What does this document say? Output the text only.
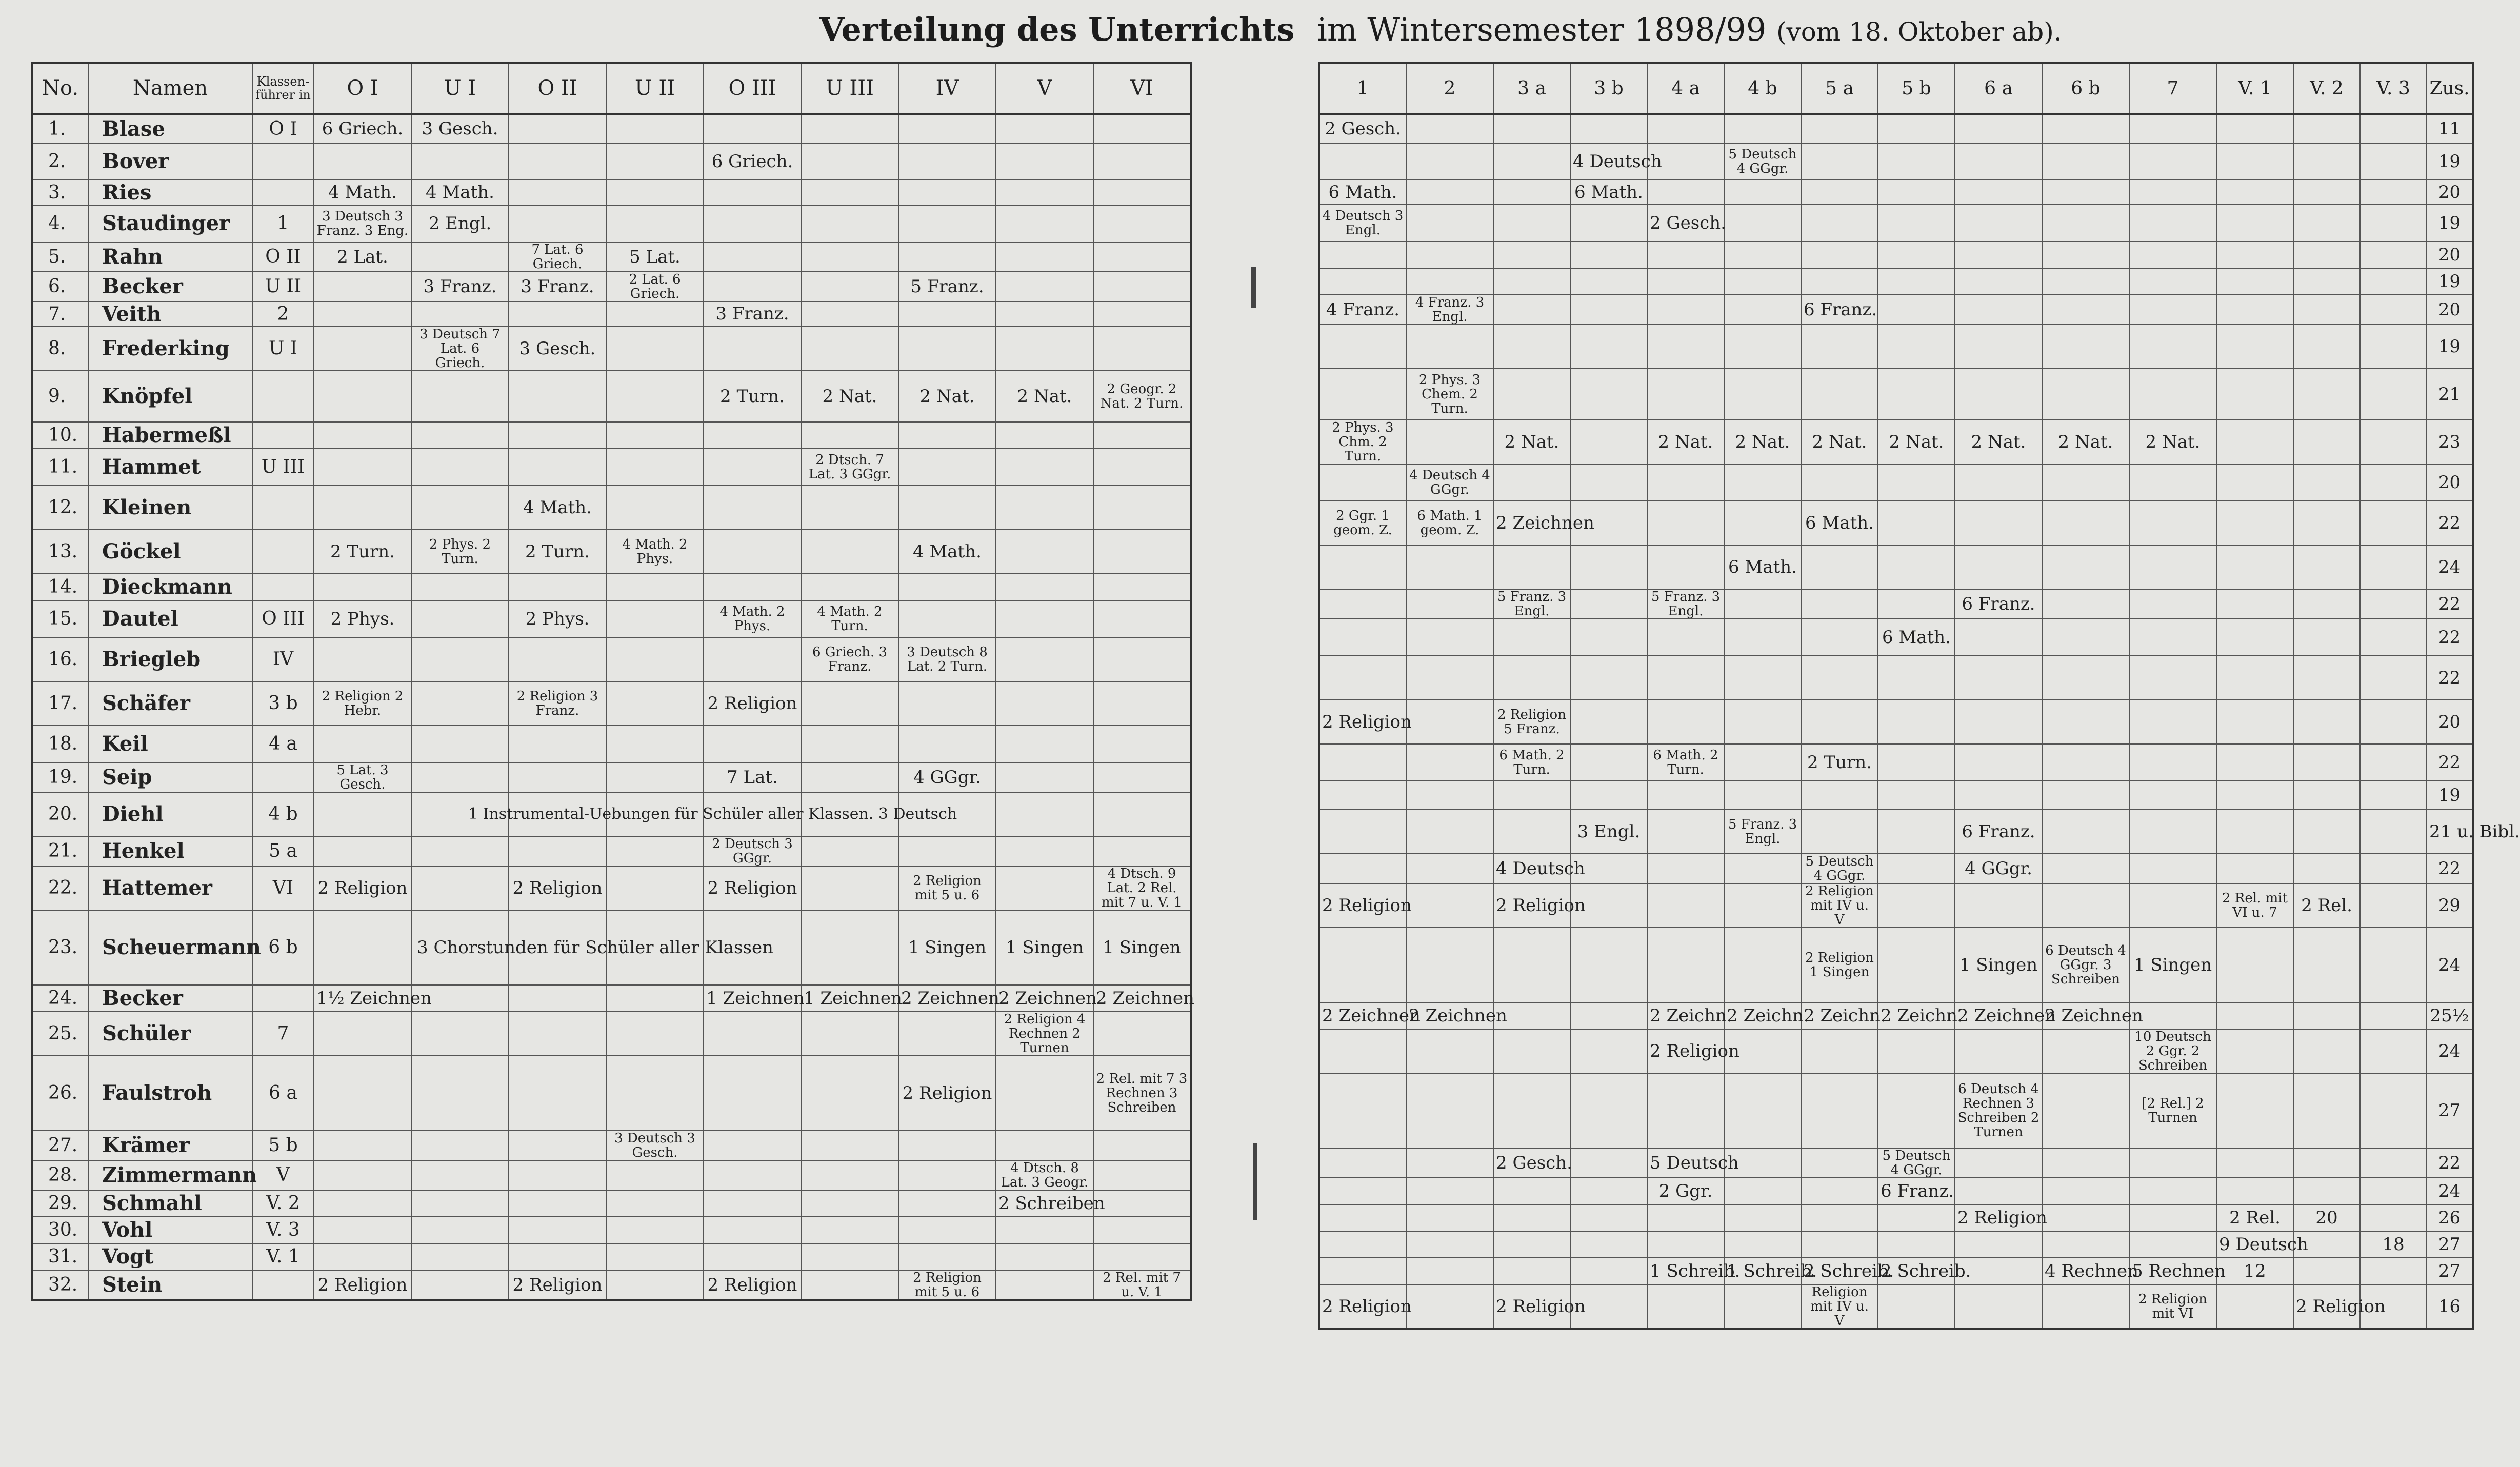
Verteilung des Unterrichts im Wintersemester 1898/99 (vom 18. Oktober ab).
No.	Namen	Klassen-führer in	O I	U I	O II	U II	O III	U III	IV	V	VI
1.	Blase	O I	6 Griech.	3 Gesch.							
2.	Bover						6 Griech.				
3.	Ries		4 Math.	4 Math.							
4.	Staudinger	1	3 Deutsch 3 Franz. 3 Eng.	2 Engl.							
5.	Rahn	O II	2 Lat.		7 Lat. 6 Griech.	5 Lat.					
6.	Becker	U II		3 Franz.	3 Franz.	2 Lat. 6 Griech.			5 Franz.		
7.	Veith	2					3 Franz.				
8.	Frederking	U I		3 Deutsch 7 Lat. 6 Griech.	3 Gesch.						
9.	Knöpfel						2 Turn.	2 Nat.	2 Nat.	2 Nat.	2 Geogr. 2 Nat. 2 Turn.
10.	Habermeßl										
11.	Hammet	U III						2 Dtsch. 7 Lat. 3 GGgr.			
12.	Kleinen				4 Math.						
13.	Göckel		2 Turn.	2 Phys. 2 Turn.	2 Turn.	4 Math. 2 Phys.			4 Math.		
14.	Dieckmann										
15.	Dautel	O III	2 Phys.		2 Phys.		4 Math. 2 Phys.	4 Math. 2 Turn.			
16.	Briegleb	IV						6 Griech. 3 Franz.	3 Deutsch 8 Lat. 2 Turn.		
17.	Schäfer	3 b	2 Religion 2 Hebr.		2 Religion 3 Franz.		2 Religion				
18.	Keil	4 a									
19.	Seip		5 Lat. 3 Gesch.				7 Lat.		4 GGgr.		
20.	Diehl	4 b	1 Instrumental-Uebungen für Schüler aller Klassen. 3 Deutsch								
21.	Henkel	5 a					2 Deutsch 3 GGgr.				
22.	Hattemer	VI	2 Religion		2 Religion		2 Religion		2 Religion mit 5 u. 6		4 Dtsch. 9 Lat. 2 Rel. mit 7 u. V. 1
23.	Scheuermann	6 b	3 Chorstunden für Schüler aller Klassen						1 Singen	1 Singen	1 Singen
24.	Becker		1½ Zeichnen				1 Zeichnen	1 Zeichnen	2 Zeichnen	2 Zeichnen	2 Zeichnen
25.	Schüler	7								2 Religion 4 Rechnen 2 Turnen	
26.	Faulstroh	6 a							2 Religion		2 Rel. mit 7 3 Rechnen 3 Schreiben
27.	Krämer	5 b				3 Deutsch 3 Gesch.					
28.	Zimmermann	V								4 Dtsch. 8 Lat. 3 Geogr.	
29.	Schmahl	V. 2								2 Schreiben	
30.	Vohl	V. 3									
31.	Vogt	V. 1									
32.	Stein		2 Religion		2 Religion		2 Religion		2 Religion mit 5 u. 6		2 Rel. mit 7 u. V. 1
1	2	3 a	3 b	4 a	4 b	5 a	5 b	6 a	6 b	7	V. 1	V. 2	V. 3	Zus.
2 Gesch.														11
			4 Deutsch		5 Deutsch 4 GGgr.									19
6 Math.			6 Math.											20
4 Deutsch 3 Engl.				2 Gesch.										19
														20
														19
4 Franz.	4 Franz. 3 Engl.					6 Franz.								20
														19
	2 Phys. 3 Chem. 2 Turn.													21
2 Phys. 3 Chm. 2 Turn.		2 Nat.		2 Nat.	2 Nat.	2 Nat.	2 Nat.	2 Nat.	2 Nat.	2 Nat.				23
	4 Deutsch 4 GGgr.													20
2 Ggr. 1 geom. Z.	6 Math. 1 geom. Z.	2 Zeichnen				6 Math.								22
					6 Math.									24
		5 Franz. 3 Engl.		5 Franz. 3 Engl.				6 Franz.						22
							6 Math.							22
														22
2 Religion		2 Religion 5 Franz.												20
		6 Math. 2 Turn.		6 Math. 2 Turn.		2 Turn.								22
														19
			3 Engl.		5 Franz. 3 Engl.			6 Franz.						21 u. Bibl.
		4 Deutsch				5 Deutsch 4 GGgr.		4 GGgr.						22
2 Religion		2 Religion				2 Religion mit IV u. V					2 Rel. mit VI u. 7	2 Rel.		29
						2 Religion 1 Singen		1 Singen	6 Deutsch 4 GGgr. 3 Schreiben	1 Singen				24
2 Zeichnen	2 Zeichnen			2 Zeichn.	2 Zeichn.	2 Zeichn.	2 Zeichn.	2 Zeichnen	2 Zeichnen					25½
				2 Religion						10 Deutsch 2 Ggr. 2 Schreiben				24
								6 Deutsch 4 Rechnen 3 Schreiben 2 Turnen		[2 Rel.] 2 Turnen				27
		2 Gesch.		5 Deutsch			5 Deutsch 4 GGgr.							22
				2 Ggr.			6 Franz.							24
								2 Religion			2 Rel.	20		26
											9 Deutsch		18	27
				1 Schreib.	1 Schreib.	2 Schreib.	2 Schreib.		4 Rechnen	5 Rechnen	12			27
2 Religion		2 Religion				Religion mit IV u. V				2 Religion mit VI		2 Religion		16
